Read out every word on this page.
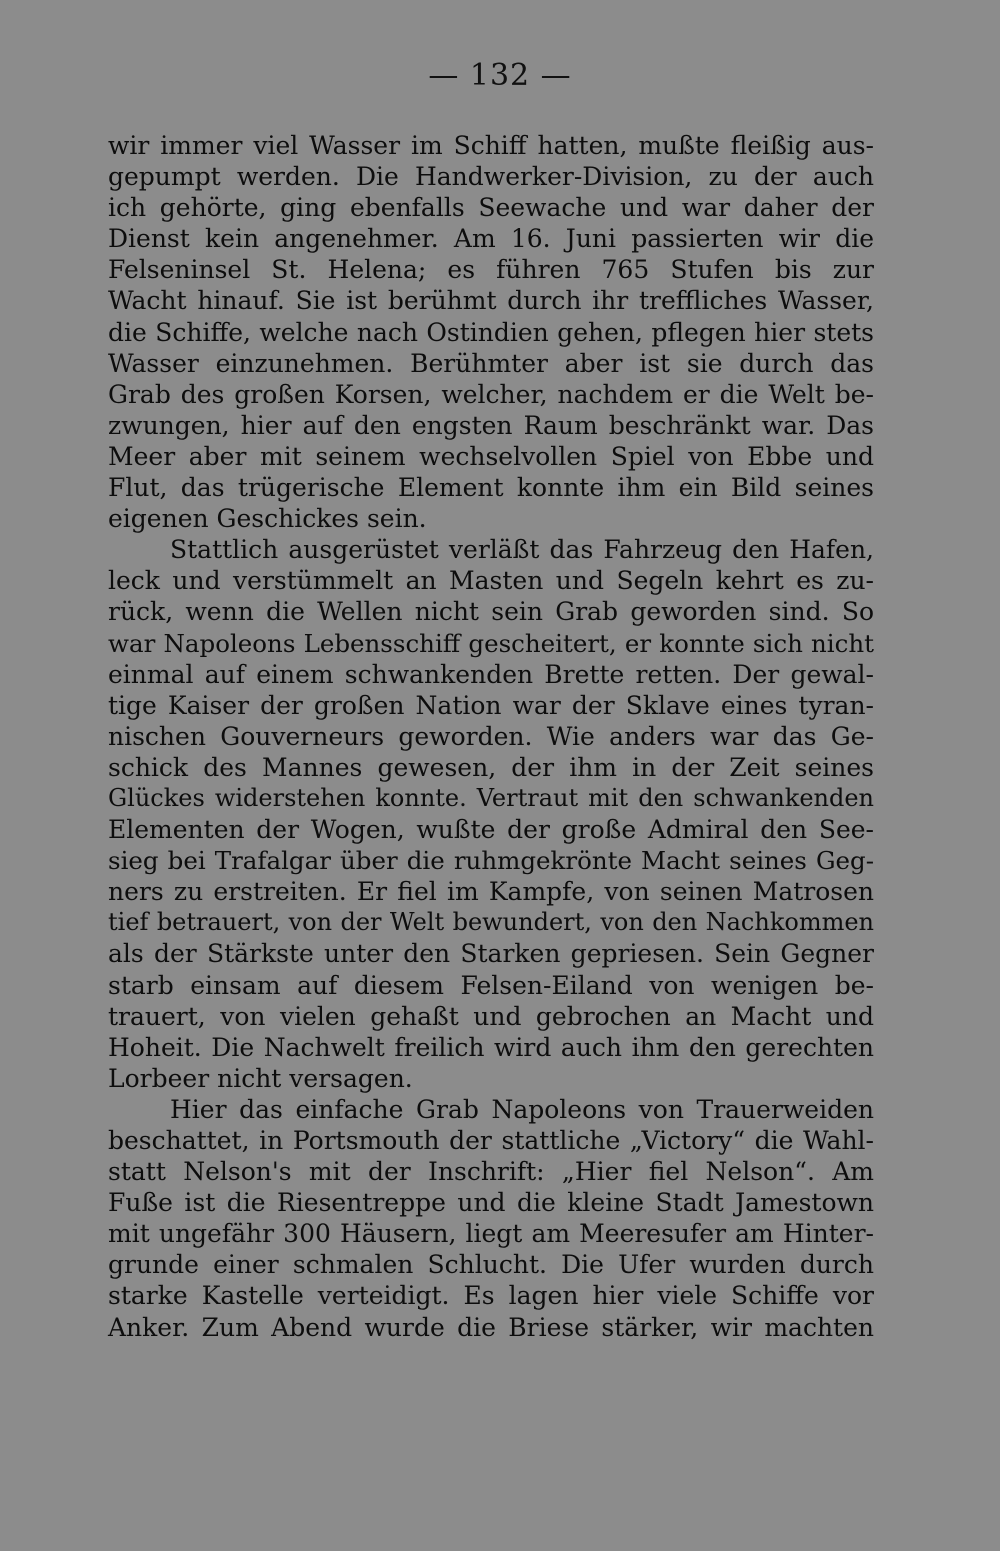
— 132 —
wir immer viel Wasser im Schiff hatten, mußte fleißig aus-
gepumpt werden. Die Handwerker-Division, zu der auch
ich gehörte, ging ebenfalls Seewache und war daher der
Dienst kein angenehmer. Am 16. Juni passierten wir die
Felseninsel St. Helena; es führen 765 Stufen bis zur
Wacht hinauf. Sie ist berühmt durch ihr treffliches Wasser,
die Schiffe, welche nach Ostindien gehen, pflegen hier stets
Wasser einzunehmen. Berühmter aber ist sie durch das
Grab des großen Korsen, welcher, nachdem er die Welt be-
zwungen, hier auf den engsten Raum beschränkt war. Das
Meer aber mit seinem wechselvollen Spiel von Ebbe und
Flut, das trügerische Element konnte ihm ein Bild seines
eigenen Geschickes sein.
Stattlich ausgerüstet verläßt das Fahrzeug den Hafen,
leck und verstümmelt an Masten und Segeln kehrt es zu-
rück, wenn die Wellen nicht sein Grab geworden sind. So
war Napoleons Lebensschiff gescheitert, er konnte sich nicht
einmal auf einem schwankenden Brette retten. Der gewal-
tige Kaiser der großen Nation war der Sklave eines tyran-
nischen Gouverneurs geworden. Wie anders war das Ge-
schick des Mannes gewesen, der ihm in der Zeit seines
Glückes widerstehen konnte. Vertraut mit den schwankenden
Elementen der Wogen, wußte der große Admiral den See-
sieg bei Trafalgar über die ruhmgekrönte Macht seines Geg-
ners zu erstreiten. Er fiel im Kampfe, von seinen Matrosen
tief betrauert, von der Welt bewundert, von den Nachkommen
als der Stärkste unter den Starken gepriesen. Sein Gegner
starb einsam auf diesem Felsen-Eiland von wenigen be-
trauert, von vielen gehaßt und gebrochen an Macht und
Hoheit. Die Nachwelt freilich wird auch ihm den gerechten
Lorbeer nicht versagen.
Hier das einfache Grab Napoleons von Trauerweiden
beschattet, in Portsmouth der stattliche „Victory“ die Wahl-
statt Nelson's mit der Inschrift: „Hier fiel Nelson“. Am
Fuße ist die Riesentreppe und die kleine Stadt Jamestown
mit ungefähr 300 Häusern, liegt am Meeresufer am Hinter-
grunde einer schmalen Schlucht. Die Ufer wurden durch
starke Kastelle verteidigt. Es lagen hier viele Schiffe vor
Anker. Zum Abend wurde die Briese stärker, wir machten
